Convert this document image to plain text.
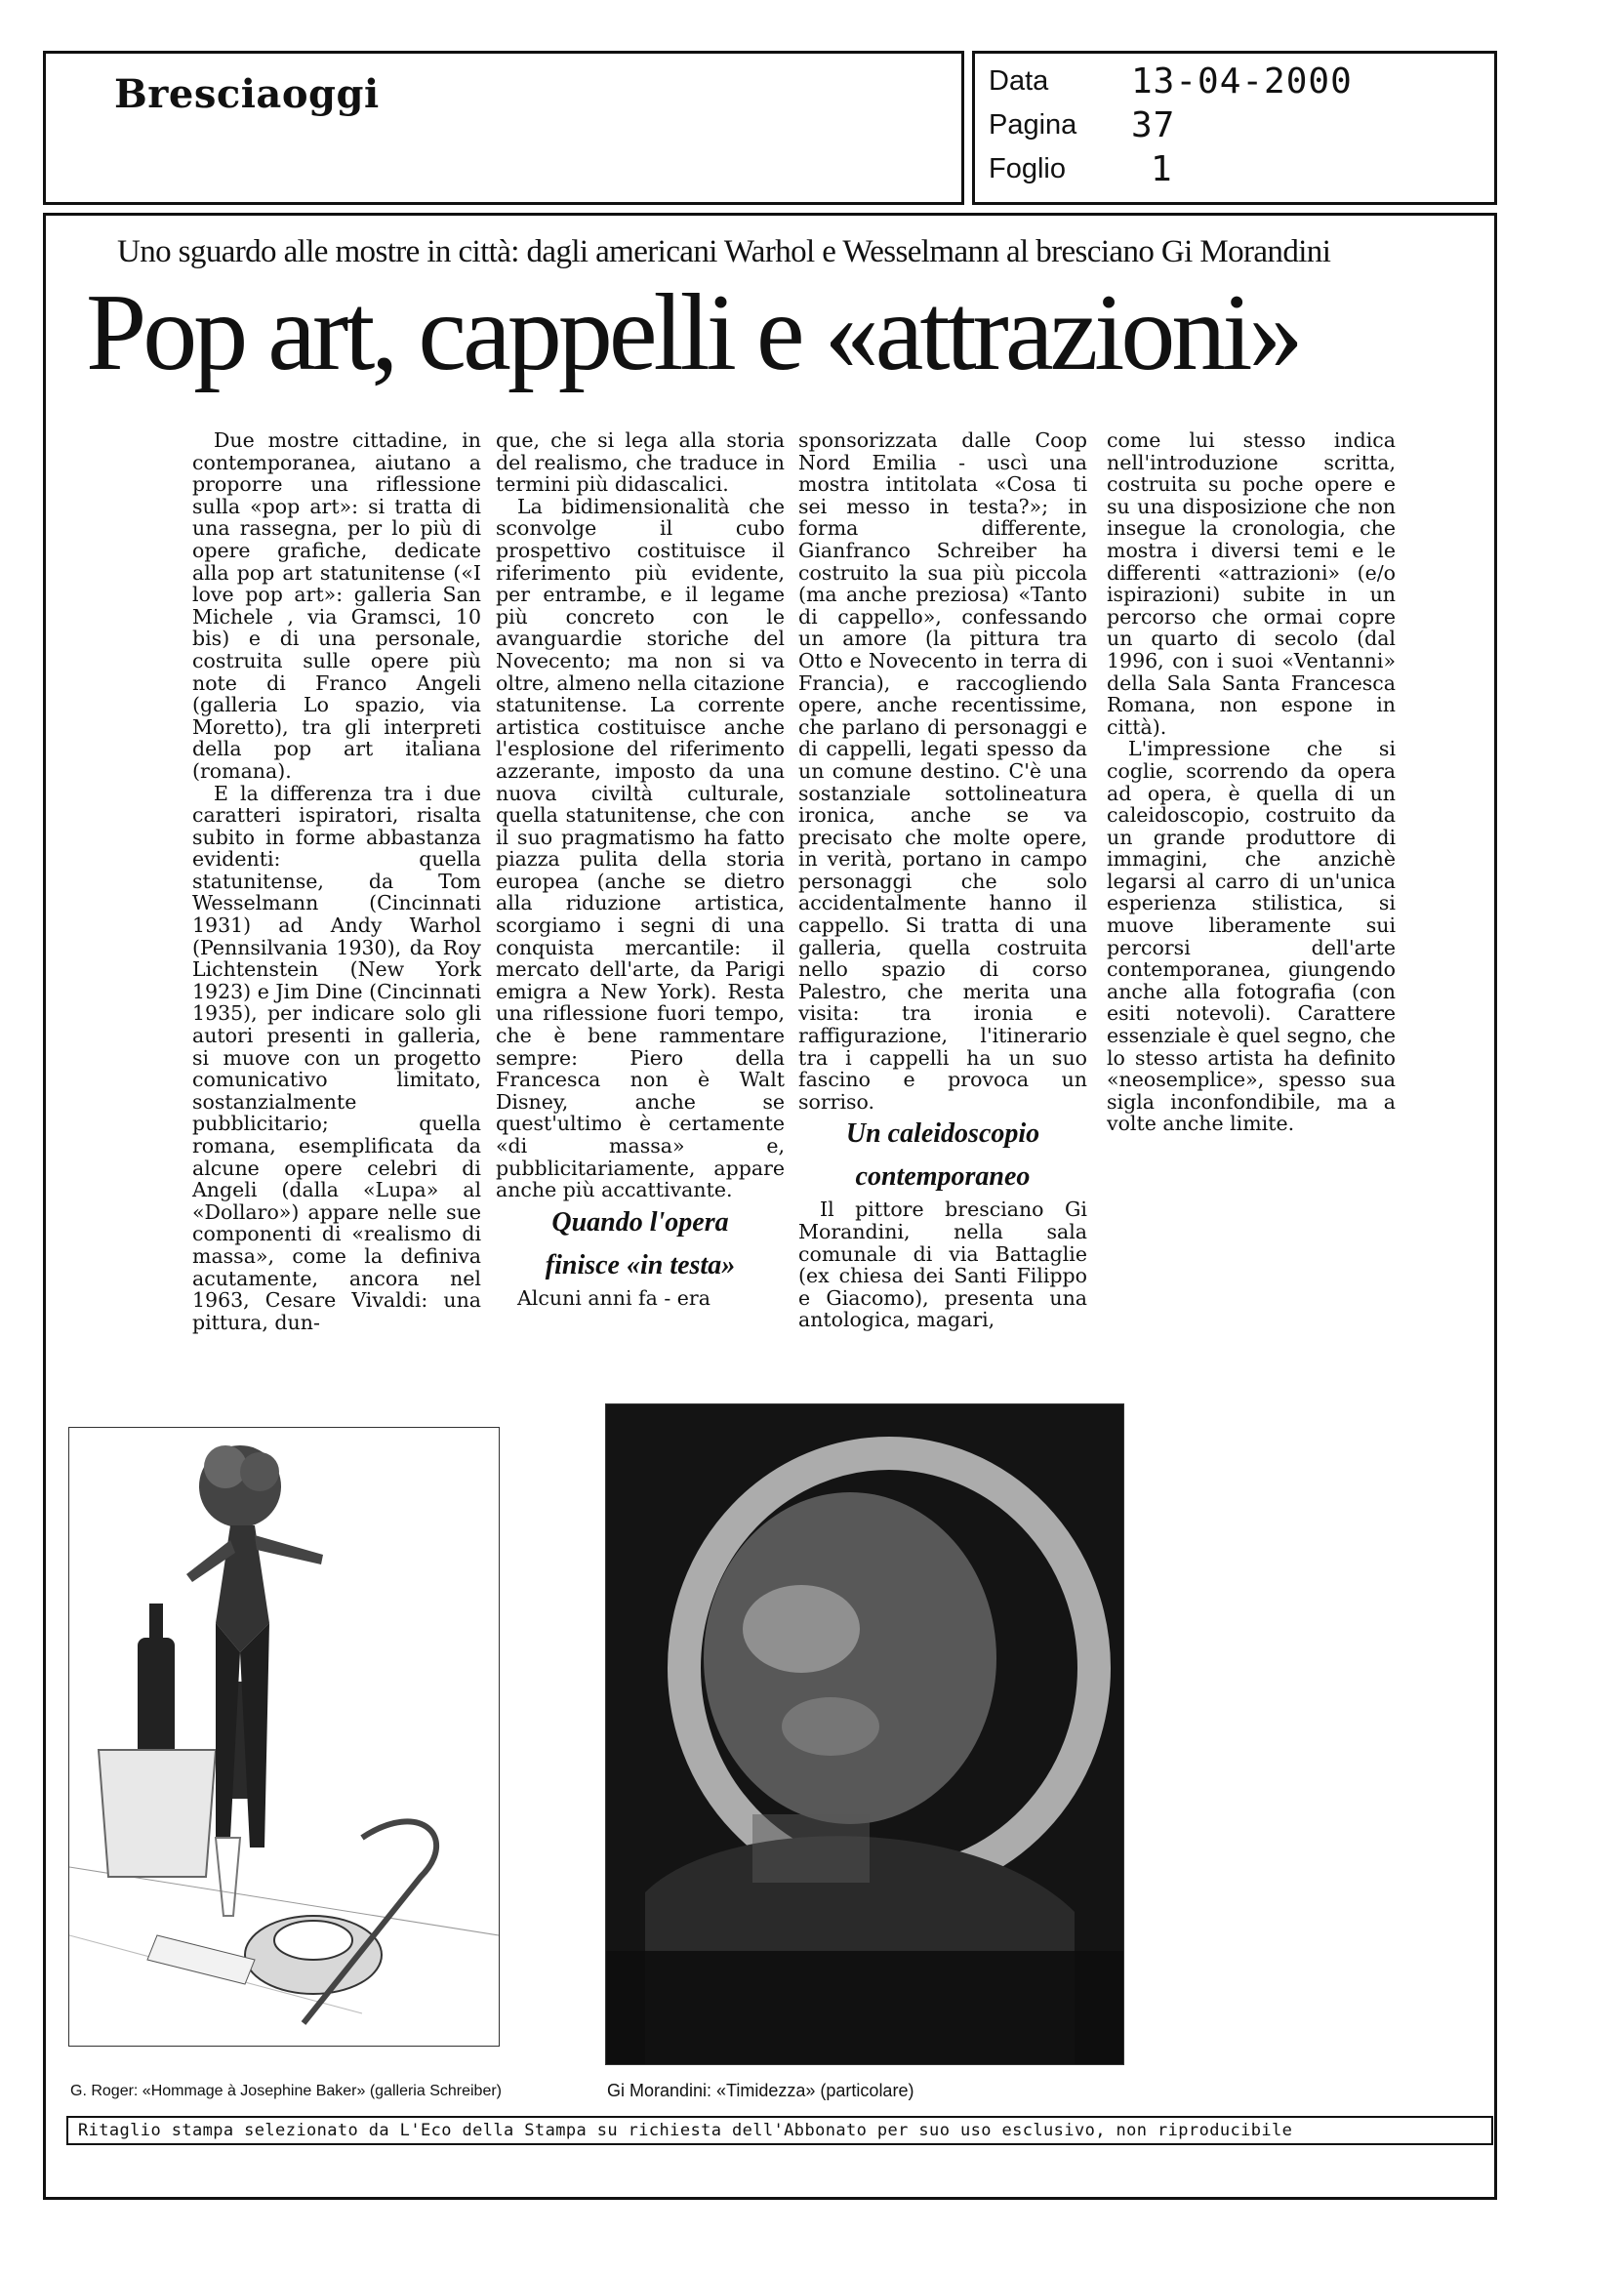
Bresciaoggi	Data 13-04-2000
Pagina 37
Foglio 1
Uno sguardo alle mostre in città: dagli americani Warhol e Wesselmann al bresciano Gi Morandini
Pop art, cappelli e «attrazioni»

Due mostre cittadine, in contemporanea, aiutano a proporre una riflessione sulla «pop art»: si tratta di una rassegna, per lo più di opere grafiche, dedicate alla pop art statunitense («I love pop art»: galleria San Michele , via Gramsci, 10 bis) e di una personale, costruita sulle opere più note di Franco Angeli (galleria Lo spazio, via Moretto), tra gli interpreti della pop art italiana (romana).

E la differenza tra i due caratteri ispiratori, risalta subito in forme abbastanza evidenti: quella statunitense, da Tom Wesselmann (Cincinnati 1931) ad Andy Warhol (Pennsilvania 1930), da Roy Lichtenstein (New York 1923) e Jim Dine (Cincinnati 1935), per indicare solo gli autori presenti in galleria, si muove con un progetto comunicativo limitato, sostanzialmente pubblicitario; quella romana, esemplificata da alcune opere celebri di Angeli (dalla «Lupa» al «Dollaro») appare nelle sue componenti di «realismo di massa», come la definiva acutamente, ancora nel 1963, Cesare Vivaldi: una pittura, dun-

que, che si lega alla storia del realismo, che traduce in termini più didascalici.

La bidimensionalità che sconvolge il cubo prospettivo costituisce il riferimento più evidente, per entrambe, e il legame più concreto con le avanguardie storiche del Novecento; ma non si va oltre, almeno nella citazione statunitense. La corrente artistica costituisce anche l'esplosione del riferimento azzerante, imposto da una nuova civiltà culturale, quella statunitense, che con il suo pragmatismo ha fatto piazza pulita della storia europea (anche se dietro alla riduzione artistica, scorgiamo i segni di una conquista mercantile: il mercato dell'arte, da Parigi emigra a New York). Resta una riflessione fuori tempo, che è bene rammentare sempre: Piero della Francesca non è Walt Disney, anche se quest'ultimo è certamente «di massa» e, pubblicitariamente, appare anche più accattivante.

Quando l'opera

finisce «in testa»

Alcuni anni fa - era

sponsorizzata dalle Coop Nord Emilia - uscì una mostra intitolata «Cosa ti sei messo in testa?»; in forma differente, Gianfranco Schreiber ha costruito la sua più piccola (ma anche preziosa) «Tanto di cappello», confessando un amore (la pittura tra Otto e Novecento in terra di Francia), e raccogliendo opere, anche recentissime, che parlano di personaggi e di cappelli, legati spesso da un comune destino. C'è una sostanziale sottolineatura ironica, anche se va precisato che molte opere, in verità, portano in campo personaggi che solo accidentalmente hanno il cappello. Si tratta di una galleria, quella costruita nello spazio di corso Palestro, che merita una visita: tra ironia e raffigurazione, l'itinerario tra i cappelli ha un suo fascino e provoca un sorriso.

Un caleidoscopio

contemporaneo

Il pittore bresciano Gi Morandini, nella sala comunale di via Battaglie (ex chiesa dei Santi Filippo e Giacomo), presenta una antologica, magari,

come lui stesso indica nell'introduzione scritta, costruita su poche opere e su una disposizione che non insegue la cronologia, che mostra i diversi temi e le differenti «attrazioni» (e/o ispirazioni) subite in un percorso che ormai copre un quarto di secolo (dal 1996, con i suoi «Ventanni» della Sala Santa Francesca Romana, non espone in città).

L'impressione che si coglie, scorrendo da opera ad opera, è quella di un caleidoscopio, costruito da un grande produttore di immagini, che anzichè legarsi al carro di un'unica esperienza stilistica, si muove liberamente sui percorsi dell'arte contemporanea, giungendo anche alla fotografia (con esiti notevoli). Carattere essenziale è quel segno, che lo stesso artista ha definito «neosemplice», spesso sua sigla inconfondibile, ma a volte anche limite.

G. Roger: «Hommage à Josephine Baker» (galleria Schreiber)	Gi Morandini: «Timidezza» (particolare)
Ritaglio stampa selezionato da L'Eco della Stampa su richiesta dell'Abbonato per suo uso esclusivo, non riproducibile
